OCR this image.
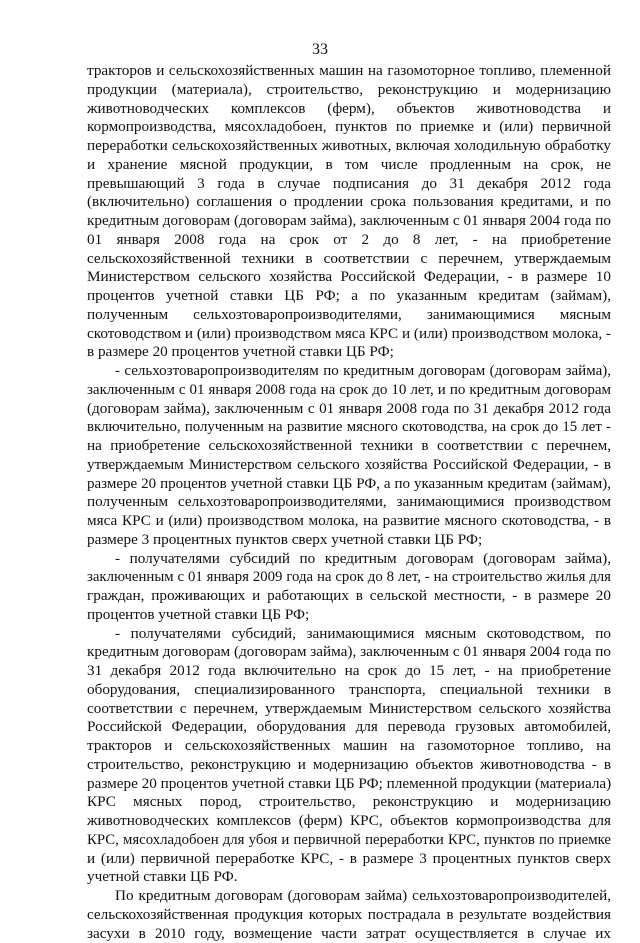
33
тракторов и сельскохозяйственных машин на газомоторное топливо, племенной
продукции (материала), строительство, реконструкцию и модернизацию
животноводческих комплексов (ферм), объектов животноводства и
кормопроизводства, мясохладобоен, пунктов по приемке и (или) первичной
переработки сельскохозяйственных животных, включая холодильную обработку
и хранение мясной продукции, в том числе продленным на срок, не
превышающий 3 года в случае подписания до 31 декабря 2012 года
(включительно) соглашения о продлении срока пользования кредитами, и по
кредитным договорам (договорам займа), заключенным с 01 января 2004 года по
01 января 2008 года на срок от 2 до 8 лет, - на приобретение
сельскохозяйственной техники в соответствии с перечнем, утверждаемым
Министерством сельского хозяйства Российской Федерации, - в размере 10
процентов учетной ставки ЦБ РФ; а по указанным кредитам (займам),
полученным сельхозтоваропроизводителями, занимающимися мясным
скотоводством и (или) производством мяса КРС и (или) производством молока, -
в размере 20 процентов учетной ставки ЦБ РФ;
- сельхозтоваропроизводителям по кредитным договорам (договорам займа),
заключенным с 01 января 2008 года на срок до 10 лет, и по кредитным договорам
(договорам займа), заключенным с 01 января 2008 года по 31 декабря 2012 года
включительно, полученным на развитие мясного скотоводства, на срок до 15 лет -
на приобретение сельскохозяйственной техники в соответствии с перечнем,
утверждаемым Министерством сельского хозяйства Российской Федерации, - в
размере 20 процентов учетной ставки ЦБ РФ, а по указанным кредитам (займам),
полученным сельхозтоваропроизводителями, занимающимися производством
мяса КРС и (или) производством молока, на развитие мясного скотоводства, - в
размере 3 процентных пунктов сверх учетной ставки ЦБ РФ;
- получателями субсидий по кредитным договорам (договорам займа),
заключенным с 01 января 2009 года на срок до 8 лет, - на строительство жилья для
граждан, проживающих и работающих в сельской местности, - в размере 20
процентов учетной ставки ЦБ РФ;
- получателями субсидий, занимающимися мясным скотоводством, по
кредитным договорам (договорам займа), заключенным с 01 января 2004 года по
31 декабря 2012 года включительно на срок до 15 лет, - на приобретение
оборудования, специализированного транспорта, специальной техники в
соответствии с перечнем, утверждаемым Министерством сельского хозяйства
Российской Федерации, оборудования для перевода грузовых автомобилей,
тракторов и сельскохозяйственных машин на газомоторное топливо, на
строительство, реконструкцию и модернизацию объектов животноводства - в
размере 20 процентов учетной ставки ЦБ РФ; племенной продукции (материала)
КРС мясных пород, строительство, реконструкцию и модернизацию
животноводческих комплексов (ферм) КРС, объектов кормопроизводства для
КРС, мясохладобоен для убоя и первичной переработки КРС, пунктов по приемке
и (или) первичной переработке КРС, - в размере 3 процентных пунктов сверх
учетной ставки ЦБ РФ.
По кредитным договорам (договорам займа) сельхозтоваропроизводителей,
сельскохозяйственная продукция которых пострадала в результате воздействия
засухи в 2010 году, возмещение части затрат осуществляется в случае их
